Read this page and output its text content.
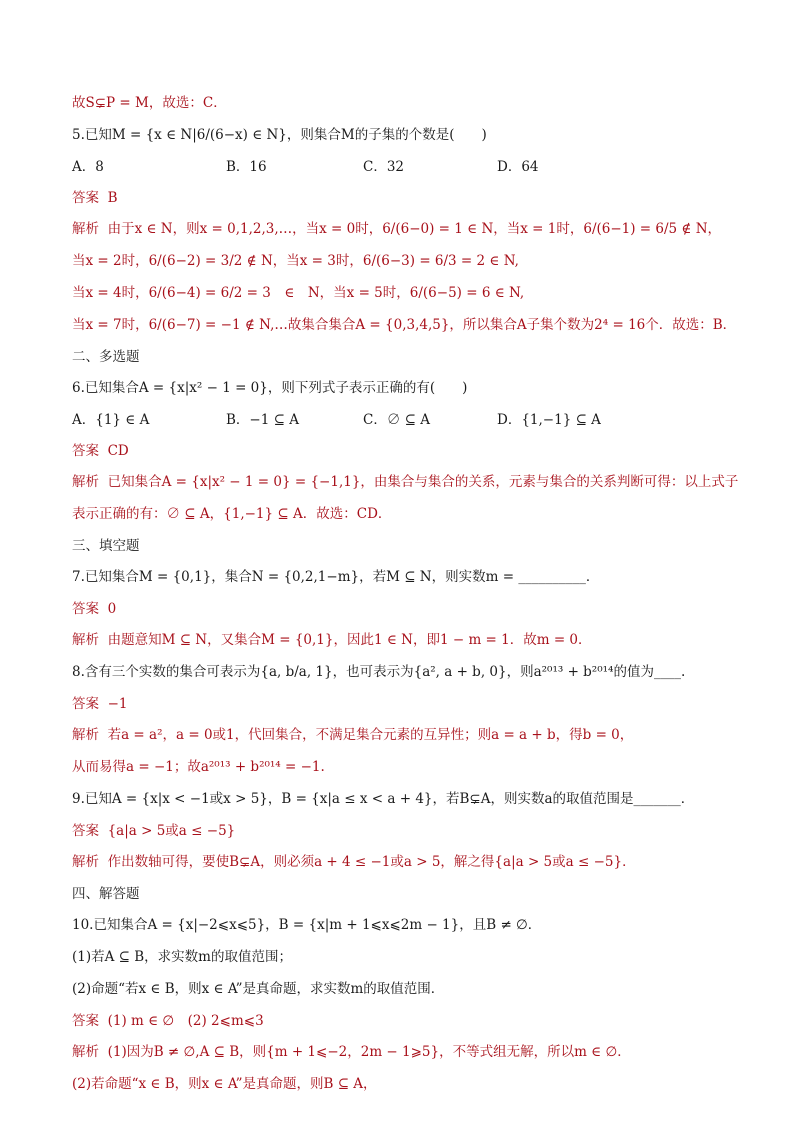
故S⊊P = M，故选：C．
5.已知M = {x ∈ N|6/(6−x) ∈ N}，则集合M的子集的个数是(　　)
A．8	B．16	C．32	D．64
答案 B
解析 由于x ∈ N，则x = 0,1,2,3,…，当x = 0时，6/(6−0) = 1 ∈ N，当x = 1时，6/(6−1) = 6/5 ∉ N，
当x = 2时，6/(6−2) = 3/2 ∉ N，当x = 3时，6/(6−3) = 6/3 = 2 ∈ N,
当x = 4时，6/(6−4) = 6/2 = 3　∈　N，当x = 5时，6/(6−5) = 6 ∈ N,
当x = 7时，6/(6−7) = −1 ∉ N,…故集合集合A = {0,3,4,5}，所以集合A子集个数为2⁴ = 16个．故选：B．
二、多选题
6.已知集合A = {x|x² − 1 = 0}，则下列式子表示正确的有(　　)
A．{1} ∈ A	B．−1 ⊆ A	C．∅ ⊆ A	D．{1,−1} ⊆ A
答案 CD
解析 已知集合A = {x|x² − 1 = 0} = {−1,1}，由集合与集合的关系，元素与集合的关系判断可得：以上式子
表示正确的有：∅ ⊆ A，{1,−1} ⊆ A．故选：CD．
三、填空题
7.已知集合M = {0,1}，集合N = {0,2,1−m}，若M ⊆ N，则实数m = __________．
答案 0
解析 由题意知M ⊆ N，又集合M = {0,1}，因此1 ∈ N，即1 − m = 1．故m = 0．
8.含有三个实数的集合可表示为{a, b/a, 1}，也可表示为{a², a + b, 0}，则a²⁰¹³ + b²⁰¹⁴的值为____.
答案 −1
解析 若a = a²，a = 0或1，代回集合，不满足集合元素的互异性；则a = a + b，得b = 0，
从而易得a = −1；故a²⁰¹³ + b²⁰¹⁴ = −1.
9.已知A = {x|x < −1或x > 5}，B = {x|a ≤ x < a + 4}，若B⊊A，则实数a的取值范围是_______．
答案 {a|a > 5或a ≤ −5}
解析 作出数轴可得，要使B⊊A，则必须a + 4 ≤ −1或a > 5，解之得{a|a > 5或a ≤ −5}．
四、解答题
10.已知集合A = {x|−2⩽x⩽5}，B = {x|m + 1⩽x⩽2m − 1}，且B ≠ ∅．
(1)若A ⊆ B，求实数m的取值范围；
(2)命题“若x ∈ B，则x ∈ A”是真命题，求实数m的取值范围．
答案 (1) m ∈ ∅　(2) 2⩽m⩽3
解析 (1)因为B ≠ ∅,A ⊆ B，则{m + 1⩽−2，2m − 1⩾5}，不等式组无解，所以m ∈ ∅．
(2)若命题“x ∈ B，则x ∈ A”是真命题，则B ⊆ A，
